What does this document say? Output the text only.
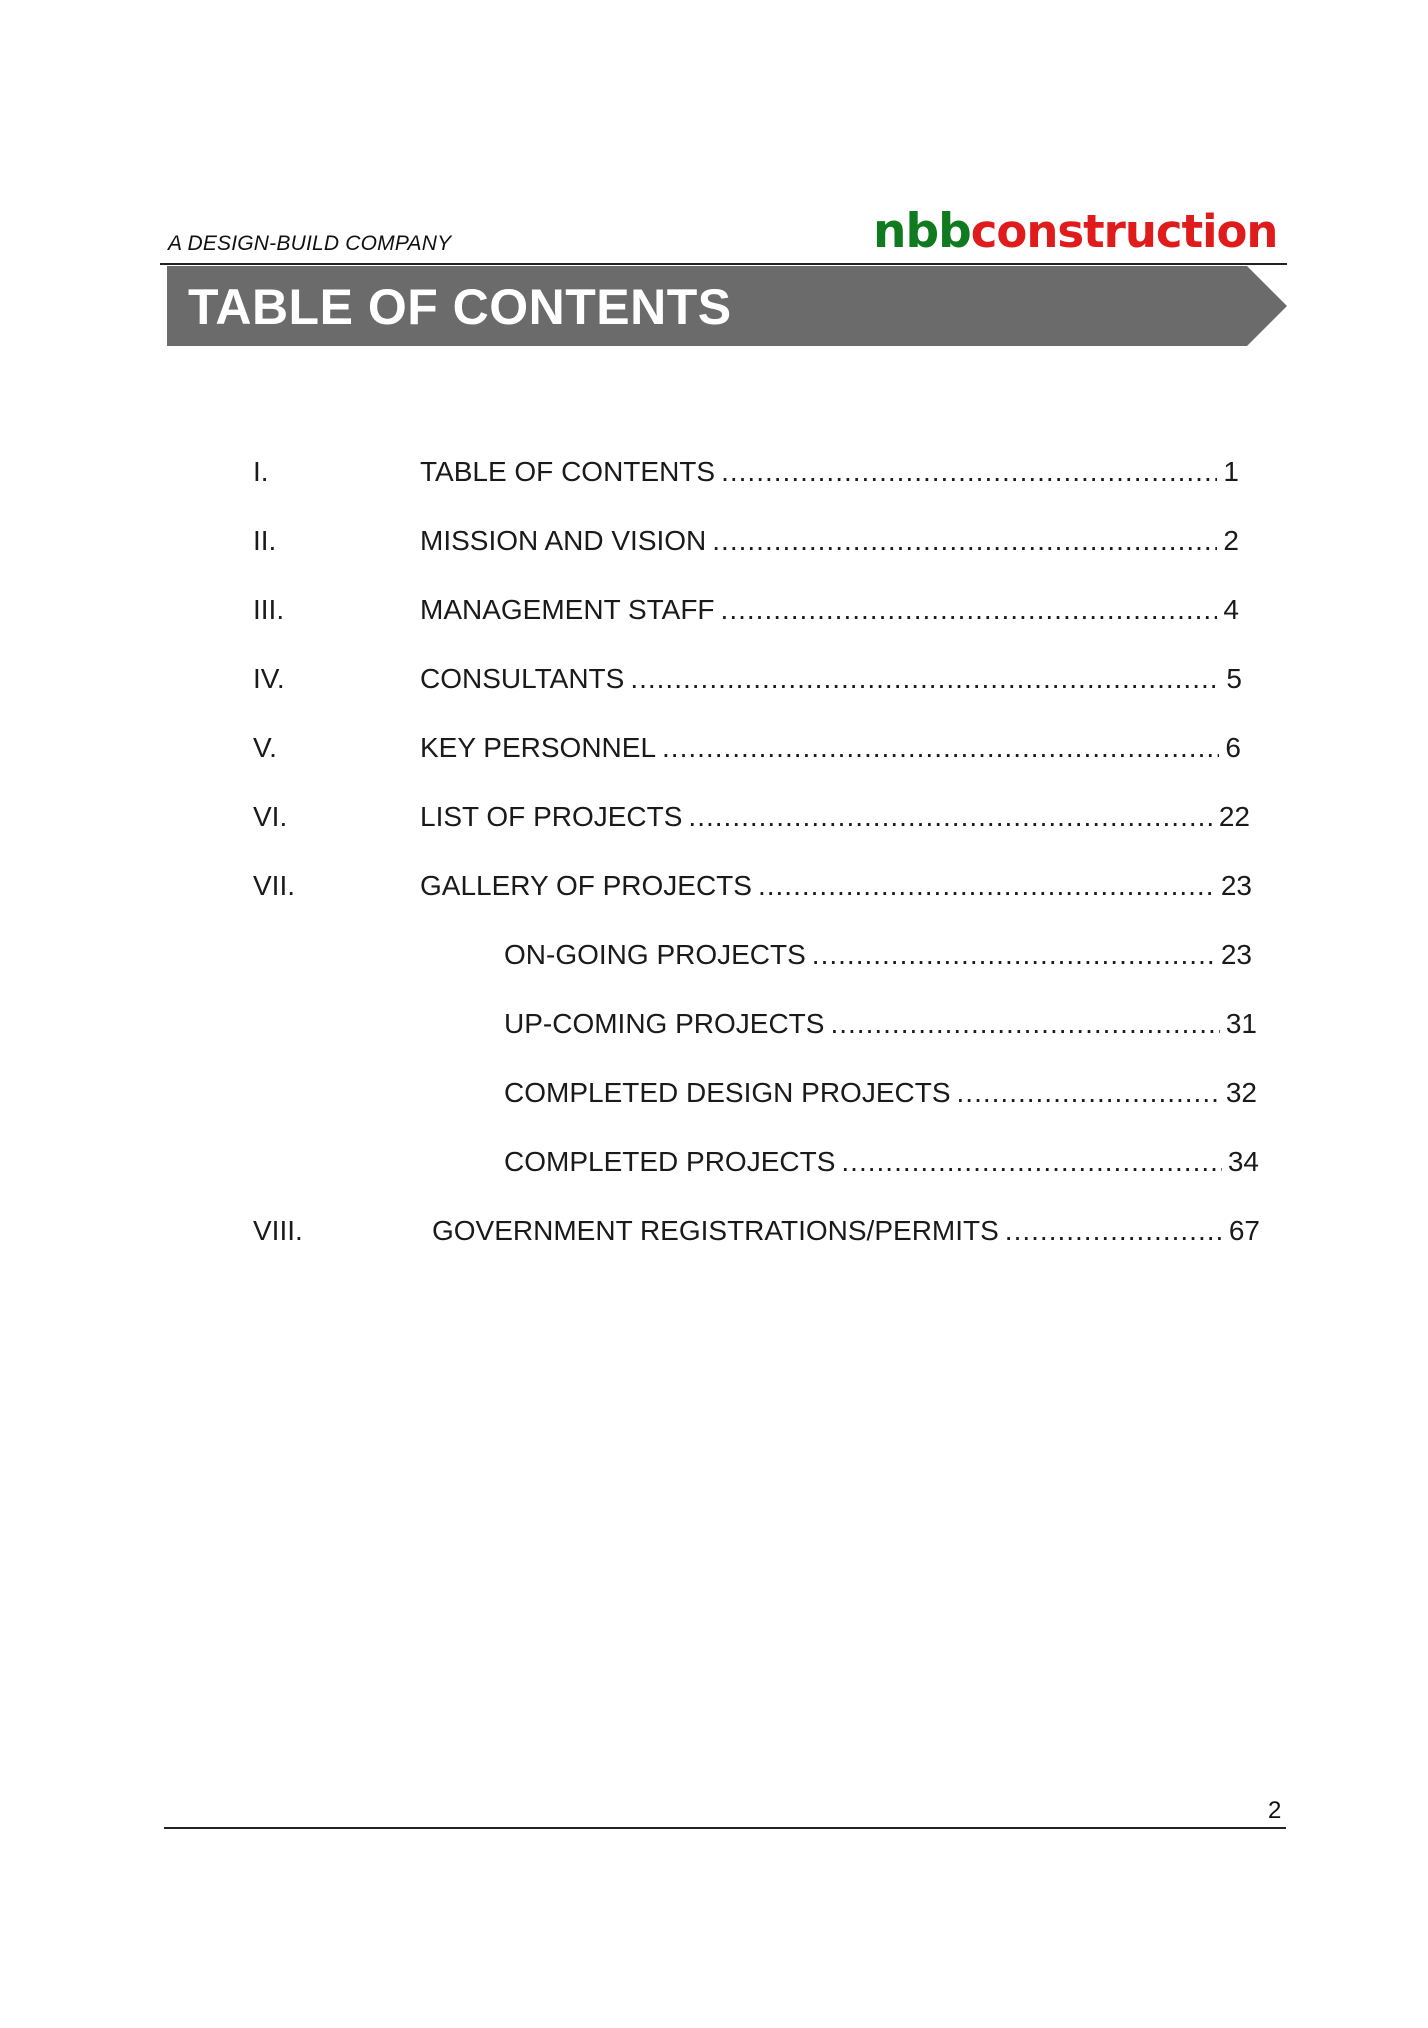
A DESIGN-BUILD COMPANY	nbbconstruction
TABLE OF CONTENTS
I.	TABLE OF CONTENTS .....	1
II.	MISSION AND VISION .....	2
III.	MANAGEMENT STAFF .....	4
IV.	CONSULTANTS .....	5
V.	KEY PERSONNEL .....	6
VI.	LIST OF PROJECTS .....	22
VII.	GALLERY OF PROJECTS .....	23
ON-GOING PROJECTS .....	23
UP-COMING PROJECTS .....	31
COMPLETED DESIGN PROJECTS .....	32
COMPLETED PROJECTS .....	34
VIII.	GOVERNMENT REGISTRATIONS/PERMITS .....	67
2
